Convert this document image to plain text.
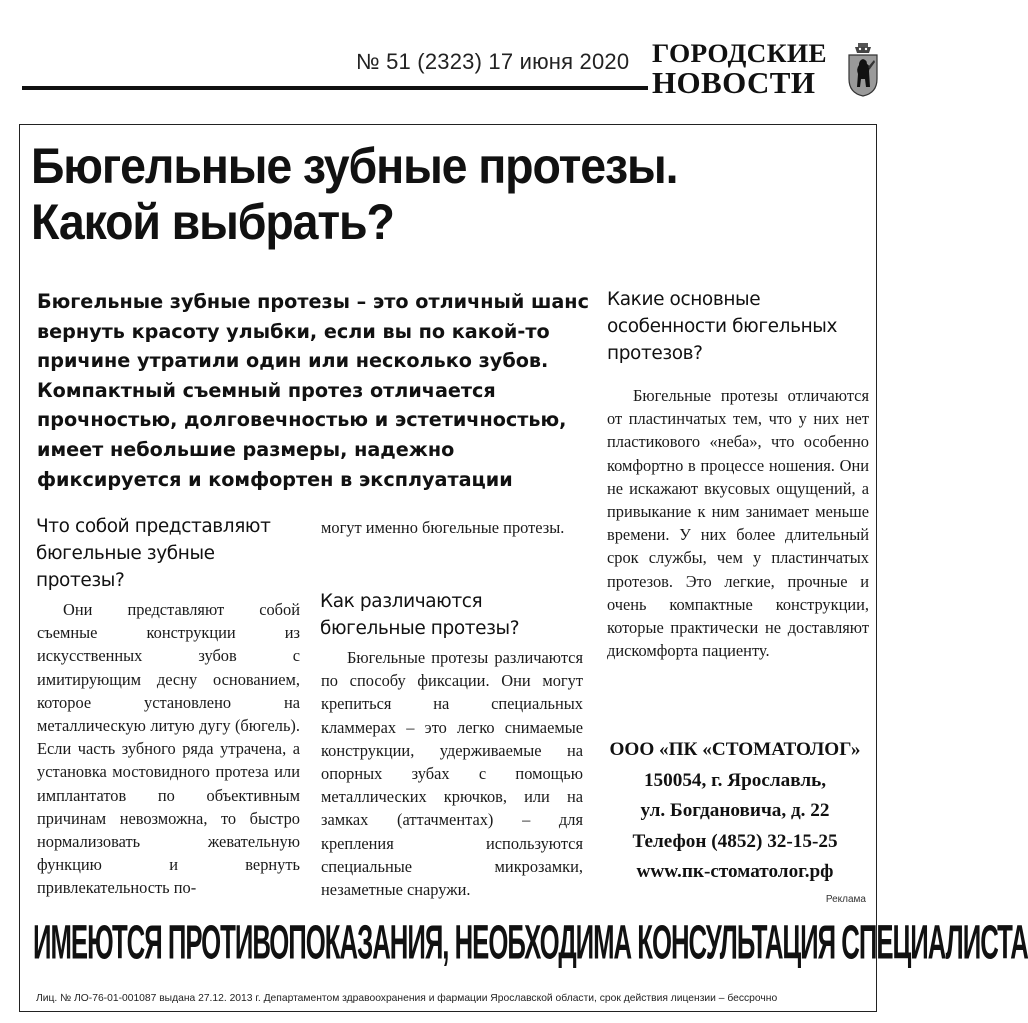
№ 51 (2323) 17 июня 2020 ГОРОДСКИЕ
НОВОСТИ
Бюгельные зубные протезы.
Какой выбрать?

Бюгельные зубные протезы – это отличный шанс вернуть красоту улыбки, если вы по какой-то причине утратили один или несколько зубов. Компактный съемный протез отличается прочностью, долговечностью и эстетичностью, имеет небольшие размеры, надежно фиксируется и комфортен в эксплуатации

Что собой представляют бюгельные зубные протезы?

Они представляют собой съемные конструкции из искусственных зубов с имитирующим десну основанием, которое установлено на металлическую литую дугу (бюгель). Если часть зубного ряда утрачена, а установка мостовидного протеза или имплантатов по объективным причинам невозможна, то быстро нормализовать жевательную функцию и вернуть привлекательность по-

могут именно бюгельные протезы.

Как различаются бюгельные протезы?

Бюгельные протезы различаются по способу фиксации. Они могут крепиться на специальных кламмерах – это легко снимаемые конструкции, удерживаемые на опорных зубах с помощью металлических крючков, или на замках (аттачментах) – для крепления используются специальные микрозамки, незаметные снаружи.

Какие основные особенности бюгельных протезов?

Бюгельные протезы отличаются от пластинчатых тем, что у них нет пластикового «неба», что особенно комфортно в процессе ношения. Они не искажают вкусовых ощущений, а привыкание к ним занимает меньше времени. У них более длительный срок службы, чем у пластинчатых протезов. Это легкие, прочные и очень компактные конструкции, которые практически не доставляют дискомфорта пациенту.

ООО «ПК «СТОМАТОЛОГ»
150054, г. Ярославль,
ул. Богдановича, д. 22
Телефон (4852) 32-15-25
www.пк-стоматолог.рф
Реклама
ИМЕЮТСЯ ПРОТИВОПОКАЗАНИЯ, НЕОБХОДИМА КОНСУЛЬТАЦИЯ СПЕЦИАЛИСТА
Лиц. № ЛО-76-01-001087 выдана 27.12. 2013 г. Департаментом здравоохранения и фармации Ярославской области, срок действия лицензии – бессрочно
